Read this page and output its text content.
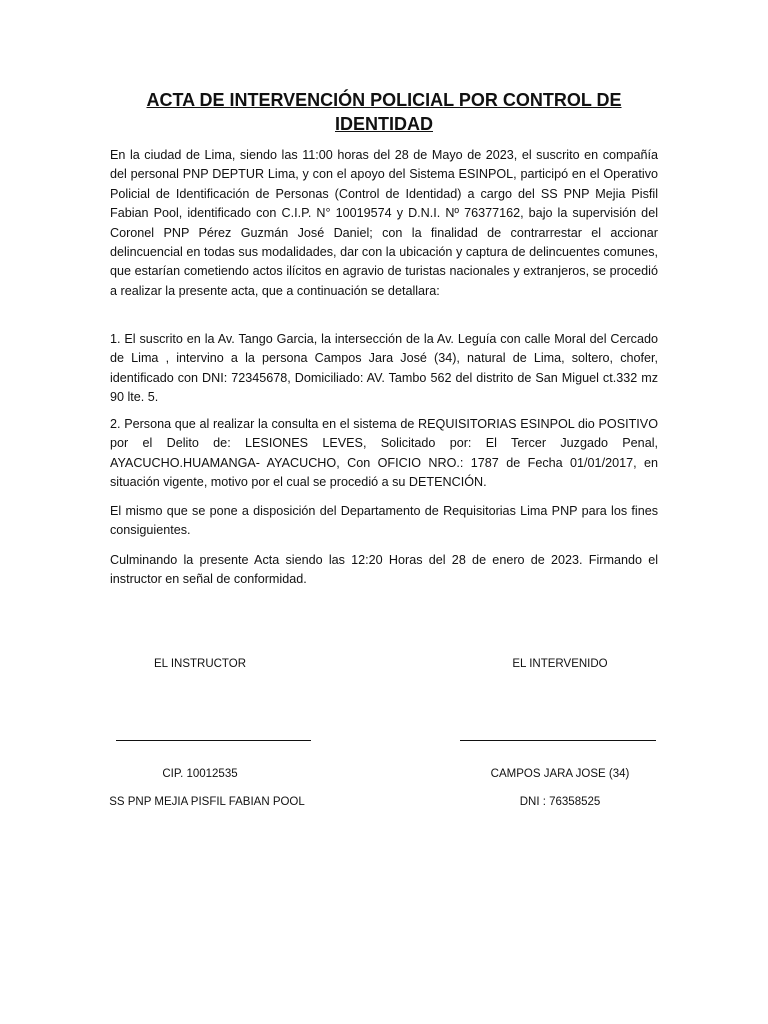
ACTA DE INTERVENCIÓN POLICIAL POR CONTROL DE IDENTIDAD

En la ciudad de Lima, siendo las 11:00 horas del 28 de Mayo de 2023, el suscrito en compañía del personal PNP DEPTUR Lima, y con el apoyo del Sistema ESINPOL, participó en el Operativo Policial de Identificación de Personas (Control de Identidad) a cargo del SS PNP Mejia Pisfil Fabian Pool, identificado con C.I.P. N° 10019574 y D.N.I. Nº 76377162, bajo la supervisión del Coronel PNP Pérez Guzmán José Daniel; con la finalidad de contrarrestar el accionar delincuencial en todas sus modalidades, dar con la ubicación y captura de delincuentes comunes, que estarían cometiendo actos ilícitos en agravio de turistas nacionales y extranjeros, se procedió a realizar la presente acta, que a continuación se detallara:

1. El suscrito en la Av. Tango Garcia, la intersección de la Av. Leguía con calle Moral del Cercado de Lima , intervino a la persona Campos Jara José (34), natural de Lima, soltero, chofer, identificado con DNI: 72345678, Domiciliado: AV. Tambo 562 del distrito de San Miguel ct.332 mz 90 lte. 5.

2. Persona que al realizar la consulta en el sistema de REQUISITORIAS ESINPOL dio POSITIVO por el Delito de: LESIONES LEVES, Solicitado por: El Tercer Juzgado Penal, AYACUCHO.HUAMANGA- AYACUCHO, Con OFICIO NRO.: 1787 de Fecha 01/01/2017, en situación vigente, motivo por el cual se procedió a su DETENCIÓN.

El mismo que se pone a disposición del Departamento de Requisitorias Lima PNP para los fines consiguientes.

Culminando la presente Acta siendo las 12:20 Horas del 28 de enero de 2023. Firmando el instructor en señal de conformidad.

EL INSTRUCTOR	EL INTERVENIDO
CIP. 10012535
SS PNP MEJIA PISFIL FABIAN POOL
CAMPOS JARA JOSE (34)
DNI : 76358525
